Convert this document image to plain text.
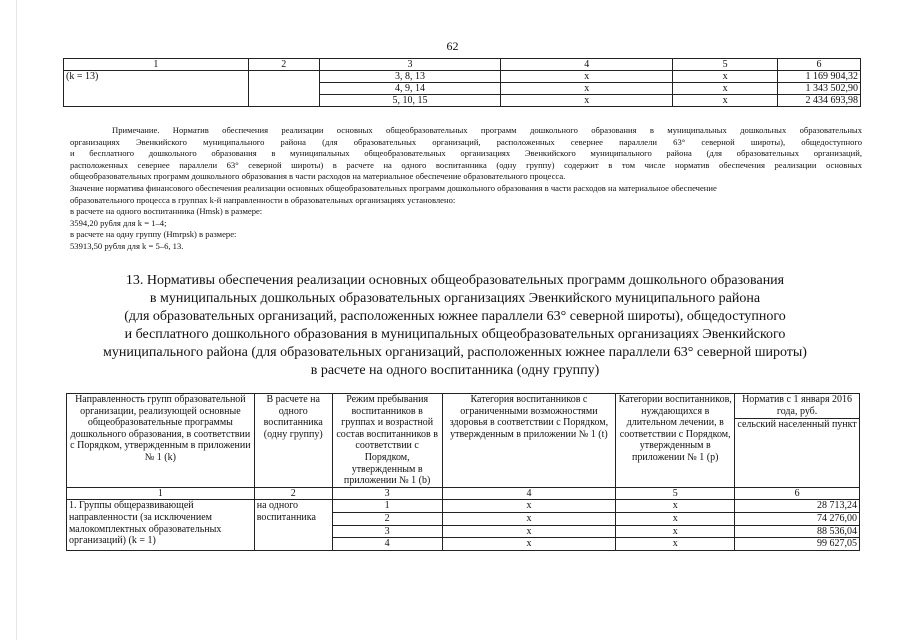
62
1	2	3	4	5	6
(k = 13)		3, 8, 13	x	x	1 169 904,32
		4, 9, 14	x	x	1 343 502,90
		5, 10, 15	x	x	2 434 693,98
Примечание. Норматив обеспечения реализации основных общеобразовательных программ дошкольного образования в муниципальных дошкольных образовательных
организациях Эвенкийского муниципального района (для образовательных организаций, расположенных севернее параллели 63° северной широты), общедоступного
и бесплатного дошкольного образования в муниципальных общеобразовательных организациях Эвенкийского муниципального района (для образовательных организаций,
расположенных севернее параллели 63° северной широты) в расчете на одного воспитанника (одну группу) содержит в том числе норматив обеспечения реализации основных
общеобразовательных программ дошкольного образования в части расходов на материальное обеспечение образовательного процесса.
Значение норматива финансового обеспечения реализации основных общеобразовательных программ дошкольного образования в части расходов на материальное обеспечение
образовательного процесса в группах k-й направленности в образовательных организациях установлено:
в расчете на одного воспитанника (Hmsk) в размере:
3594,20 рубля для k = 1–4;
в расчете на одну группу (Hmrpsk) в размере:
53913,50 рубля для k = 5–6, 13.
13. Нормативы обеспечения реализации основных общеобразовательных программ дошкольного образования
в муниципальных дошкольных образовательных организациях Эвенкийского муниципального района
(для образовательных организаций, расположенных южнее параллели 63° северной широты), общедоступного
и бесплатного дошкольного образования в муниципальных общеобразовательных организациях Эвенкийского
муниципального района (для образовательных организаций, расположенных южнее параллели 63° северной широты)
в расчете на одного воспитанника (одну группу)
Направленность групп образовательной организации, реализующей основные общеобразовательные программы дошкольного образования, в соответствии с Порядком, утвержденным в приложении № 1 (k)	В расчете на одного воспитанника (одну группу)	Режим пребывания воспитанников в группах и возрастной состав воспитанников в соответствии с Порядком, утвержденным в приложении № 1 (b)	Категория воспитанников с ограниченными возможностями здоровья в соответствии с Порядком, утвержденным в приложении № 1 (t)	Категории воспитанников, нуждающихся в длительном лечении, в соответствии с Порядком, утвержденным в приложении № 1 (p)	Норматив с 1 января 2016 года, руб.
					сельский населенный пункт
1	2	3	4	5	6
1. Группы общеразвивающей направленности (за исключением малокомплектных образовательных организаций) (k = 1)	на одного воспитанника	1	x	x	28 713,24
		2	x	x	74 276,00
		3	x	x	88 536,04
		4	x	x	99 627,05
